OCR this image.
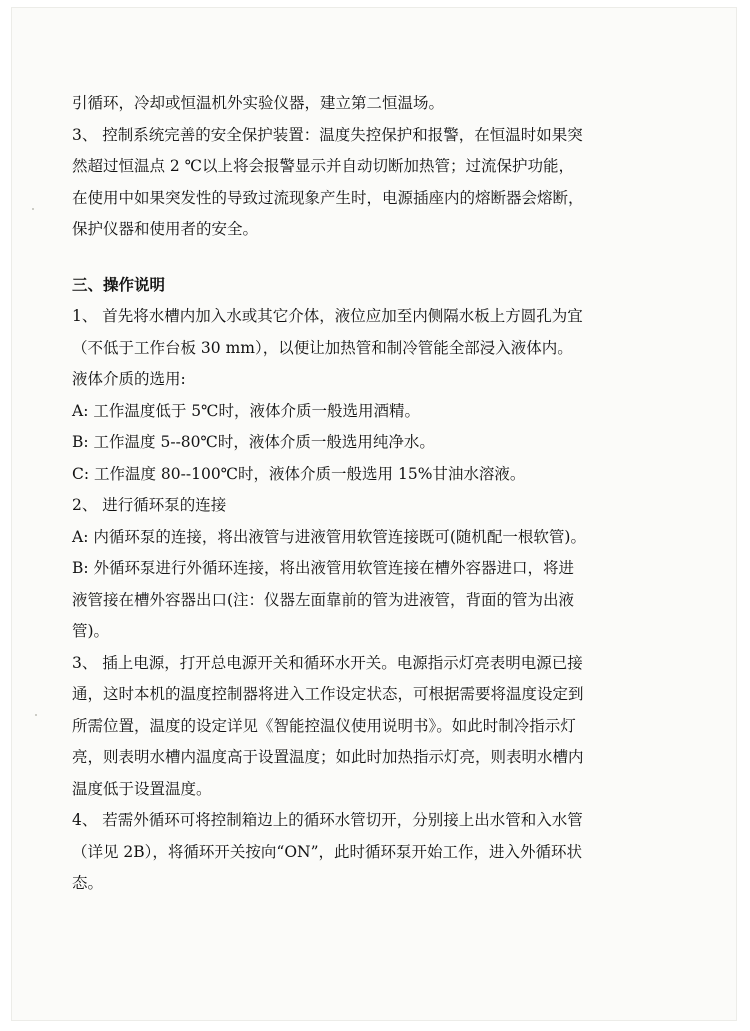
引循环，冷却或恒温机外实验仪器，建立第二恒温场。
3、 控制系统完善的安全保护装置：温度失控保护和报警，在恒温时如果突
然超过恒温点 2 ℃以上将会报警显示并自动切断加热管；过流保护功能，
在使用中如果突发性的导致过流现象产生时，电源插座内的熔断器会熔断，
保护仪器和使用者的安全。
三、操作说明
1、 首先将水槽内加入水或其它介体，液位应加至内侧隔水板上方圆孔为宜
（不低于工作台板 30 mm），以便让加热管和制冷管能全部浸入液体内。
液体介质的选用:
A: 工作温度低于 5℃时，液体介质一般选用酒精。
B: 工作温度 5--80℃时，液体介质一般选用纯净水。
C: 工作温度 80--100℃时，液体介质一般选用 15%甘油水溶液。
2、 进行循环泵的连接
A: 内循环泵的连接，将出液管与进液管用软管连接既可(随机配一根软管)。
B: 外循环泵进行外循环连接，将出液管用软管连接在槽外容器进口，将进
液管接在槽外容器出口(注：仪器左面靠前的管为进液管，背面的管为出液
管)。
3、 插上电源，打开总电源开关和循环水开关。电源指示灯亮表明电源已接
通，这时本机的温度控制器将进入工作设定状态，可根据需要将温度设定到
所需位置，温度的设定详见《智能控温仪使用说明书》。如此时制冷指示灯
亮，则表明水槽内温度高于设置温度；如此时加热指示灯亮，则表明水槽内
温度低于设置温度。
4、 若需外循环可将控制箱边上的循环水管切开，分别接上出水管和入水管
（详见 2B），将循环开关按向“ON”，此时循环泵开始工作，进入外循环状
态。
